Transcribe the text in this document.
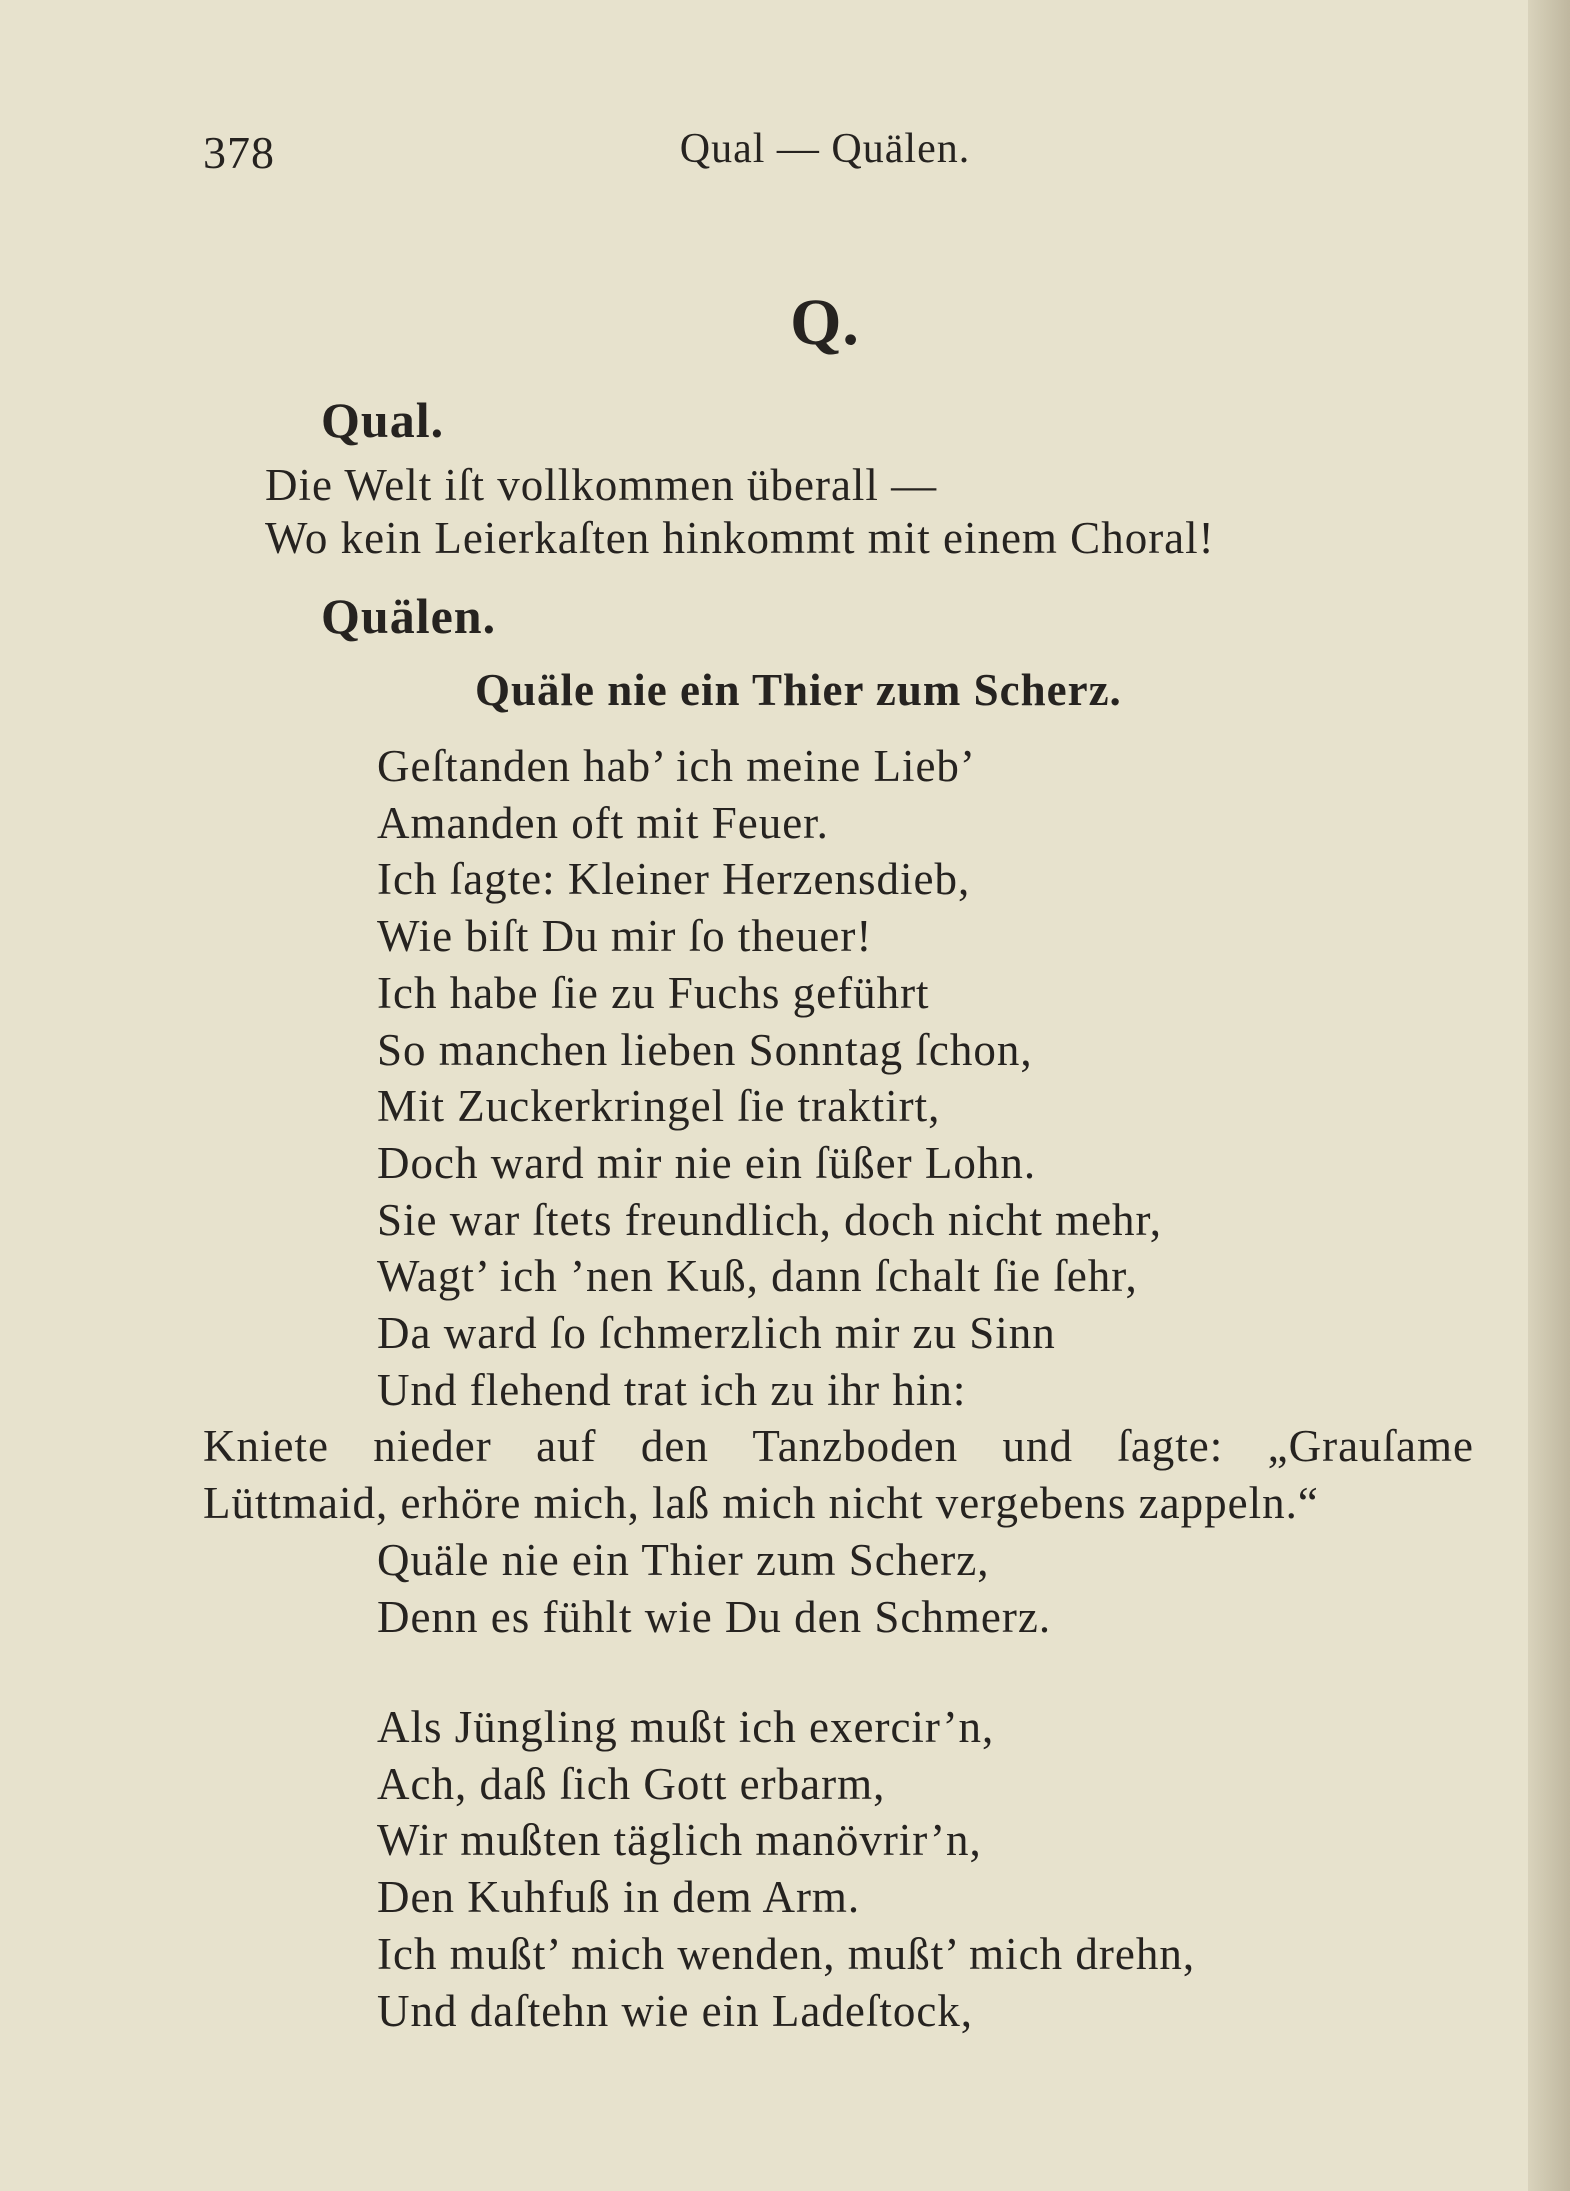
378	Qual — Quälen.
Q.
Qual.
Die Welt iſt vollkommen überall —
Wo kein Leierkaſten hinkommt mit einem Choral!
Quälen.
Quäle nie ein Thier zum Scherz.
Geſtanden hab’ ich meine Lieb’
Amanden oft mit Feuer.
Ich ſagte: Kleiner Herzensdieb,
Wie biſt Du mir ſo theuer!
Ich habe ſie zu Fuchs geführt
So manchen lieben Sonntag ſchon,
Mit Zuckerkringel ſie traktirt,
Doch ward mir nie ein ſüßer Lohn.
Sie war ſtets freundlich, doch nicht mehr,
Wagt’ ich ’nen Kuß, dann ſchalt ſie ſehr,
Da ward ſo ſchmerzlich mir zu Sinn
Und flehend trat ich zu ihr hin:
Kniete nieder auf den Tanzboden und ſagte: „Grauſame
Lüttmaid, erhöre mich, laß mich nicht vergebens zappeln.“
Quäle nie ein Thier zum Scherz,
Denn es fühlt wie Du den Schmerz.
Als Jüngling mußt ich exercir’n,
Ach, daß ſich Gott erbarm,
Wir mußten täglich manövrir’n,
Den Kuhfuß in dem Arm.
Ich mußt’ mich wenden, mußt’ mich drehn,
Und daſtehn wie ein Ladeſtock,
